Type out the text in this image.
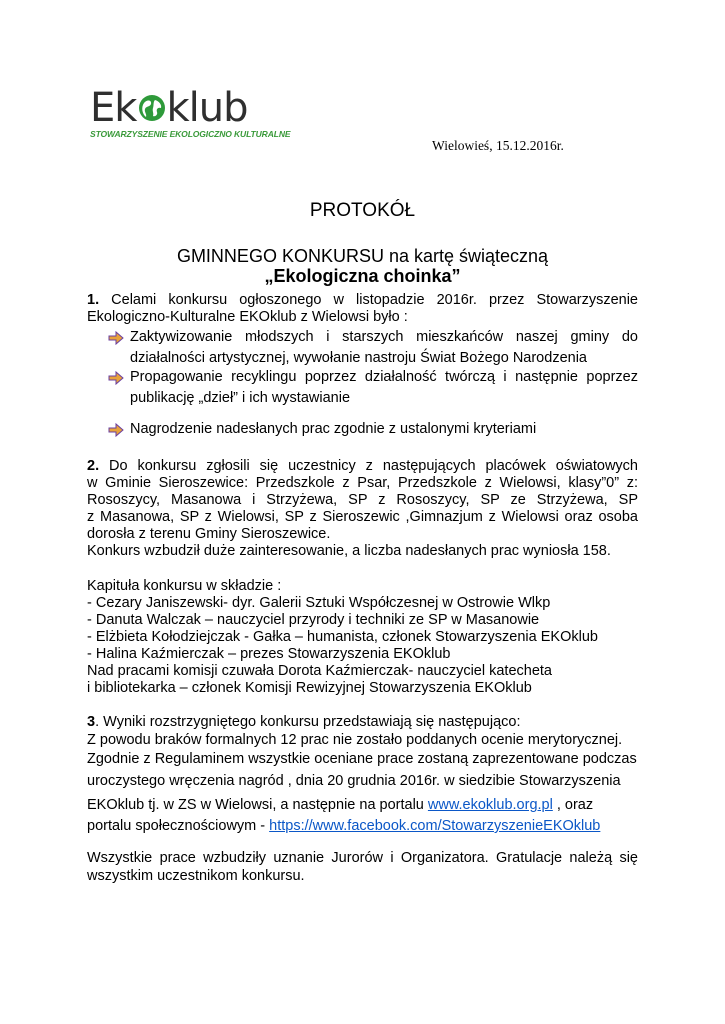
Ek klub
STOWARZYSZENIE EKOLOGICZNO KULTURALNE
Wielowieś, 15.12.2016r.
PROTOKÓŁ
GMINNEGO KONKURSU na kartę świąteczną
„Ekologiczna choinka”
1. Celami konkursu ogłoszonego w listopadzie 2016r. przez Stowarzyszenie
Ekologiczno-Kulturalne EKOklub z Wielowsi było :
Zaktywizowanie młodszych i starszych mieszkańców naszej gminy do
działalności artystycznej, wywołanie nastroju Świat Bożego Narodzenia
Propagowanie recyklingu poprzez działalność twórczą i następnie poprzez
publikację „dzieł” i ich wystawianie
Nagrodzenie nadesłanych prac zgodnie z ustalonymi kryteriami
2. Do konkursu zgłosili się uczestnicy z następujących placówek oświatowych
w Gminie Sieroszewice: Przedszkole z Psar, Przedszkole z Wielowsi, klasy”0” z:
Rososzycy, Masanowa i Strzyżewa, SP z Rososzycy, SP ze Strzyżewa, SP
z Masanowa, SP z Wielowsi, SP z Sieroszewic ,Gimnazjum z Wielowsi oraz osoba
dorosła z terenu Gminy Sieroszewice.
Konkurs wzbudził duże zainteresowanie, a liczba nadesłanych prac wyniosła 158.
Kapituła konkursu w składzie :
- Cezary Janiszewski- dyr. Galerii Sztuki Współczesnej w Ostrowie Wlkp
- Danuta Walczak – nauczyciel przyrody i techniki ze SP w Masanowie
- Elżbieta Kołodziejczak - Gałka – humanista, członek Stowarzyszenia EKOklub
- Halina Kaźmierczak – prezes Stowarzyszenia EKOklub
Nad pracami komisji czuwała Dorota Kaźmierczak- nauczyciel katecheta
i bibliotekarka – członek Komisji Rewizyjnej Stowarzyszenia EKOklub
3. Wyniki rozstrzygniętego konkursu przedstawiają się następująco:
Z powodu braków formalnych 12 prac nie zostało poddanych ocenie merytorycznej.
Zgodnie z Regulaminem wszystkie oceniane prace zostaną zaprezentowane podczas
uroczystego wręczenia nagród , dnia 20 grudnia 2016r. w siedzibie Stowarzyszenia
EKOklub tj. w ZS w Wielowsi, a następnie na portalu www.ekoklub.org.pl , oraz
portalu społecznościowym - https://www.facebook.com/StowarzyszenieEKOklub
Wszystkie prace wzbudziły uznanie Jurorów i Organizatora. Gratulacje należą się
wszystkim uczestnikom konkursu.
